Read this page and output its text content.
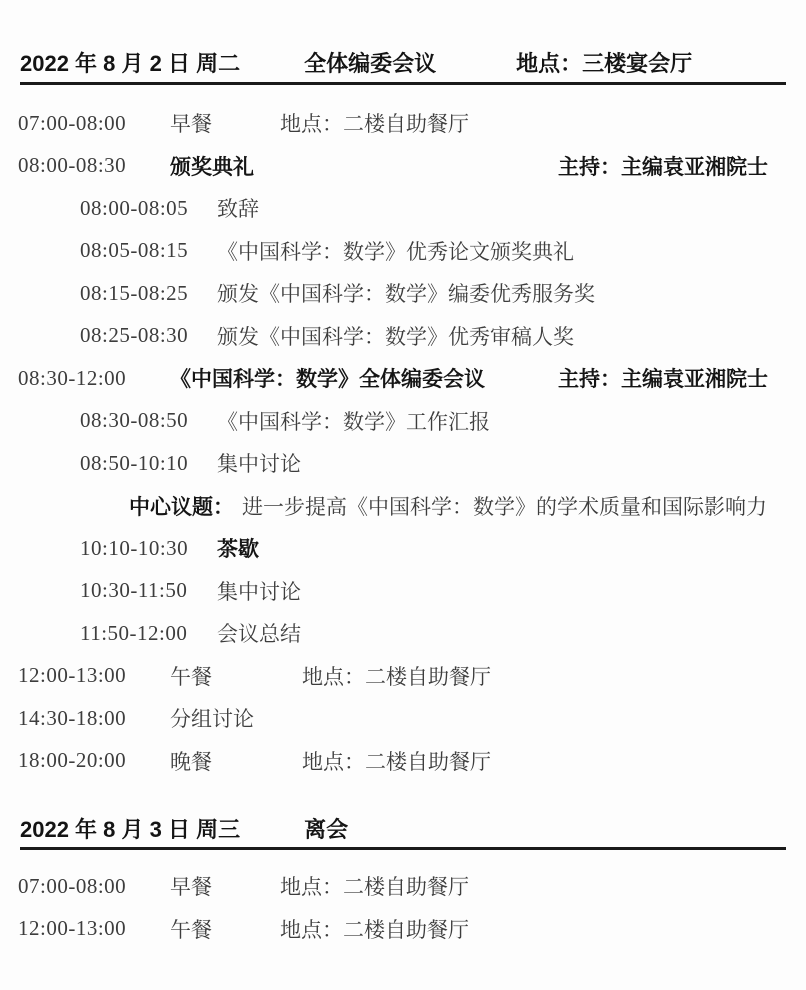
2022 年 8 月 2 日 周二	全体编委会议	地点：三楼宴会厅
07:00-08:00	早餐	地点：二楼自助餐厅
08:00-08:30	颁奖典礼	主持：主编袁亚湘院士
08:00-08:05	致辞
08:05-08:15	《中国科学：数学》优秀论文颁奖典礼
08:15-08:25	颁发《中国科学：数学》编委优秀服务奖
08:25-08:30	颁发《中国科学：数学》优秀审稿人奖
08:30-12:00	《中国科学：数学》全体编委会议	主持：主编袁亚湘院士
08:30-08:50	《中国科学：数学》工作汇报
08:50-10:10	集中讨论
中心议题： 进一步提高《中国科学：数学》的学术质量和国际影响力
10:10-10:30	茶歇
10:30-11:50	集中讨论
11:50-12:00	会议总结
12:00-13:00	午餐	地点：二楼自助餐厅
14:30-18:00	分组讨论
18:00-20:00	晚餐	地点：二楼自助餐厅
2022 年 8 月 3 日 周三	离会
07:00-08:00	早餐	地点：二楼自助餐厅
12:00-13:00	午餐	地点：二楼自助餐厅
